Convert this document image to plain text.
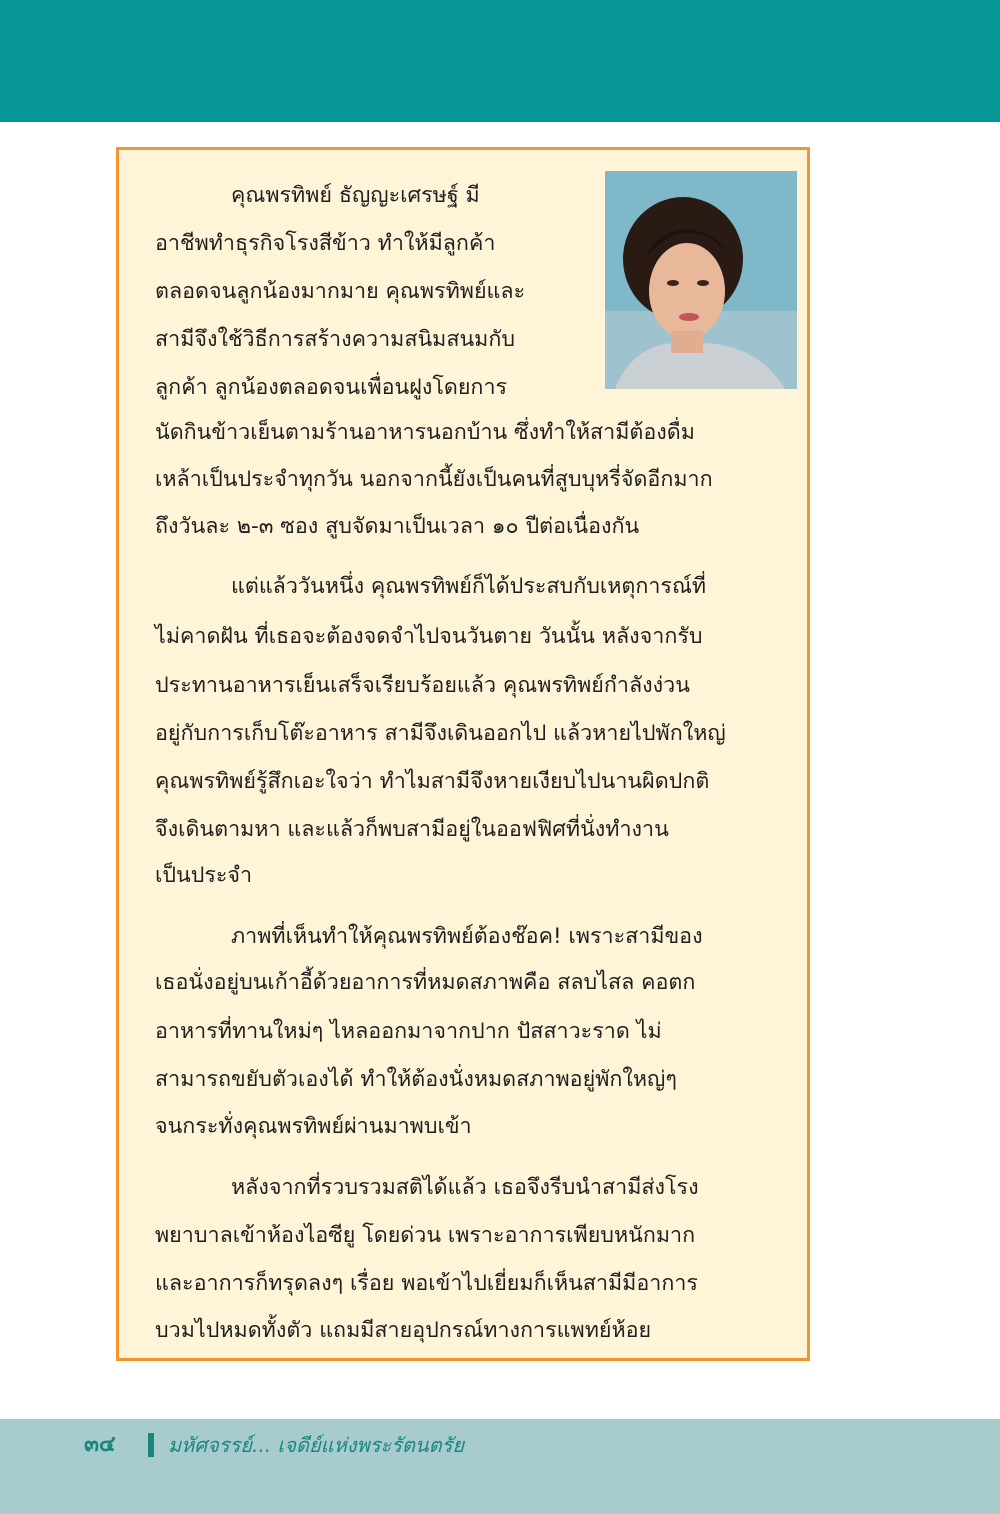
คุณพรทิพย์ ธัญญะเศรษฐ์ มี
อาชีพทำธุรกิจโรงสีข้าว ทำให้มีลูกค้า
ตลอดจนลูกน้องมากมาย คุณพรทิพย์และ
สามีจึงใช้วิธีการสร้างความสนิมสนมกับ
ลูกค้า ลูกน้องตลอดจนเพื่อนฝูงโดยการ
นัดกินข้าวเย็นตามร้านอาหารนอกบ้าน ซึ่งทำให้สามีต้องดื่ม
เหล้าเป็นประจำทุกวัน นอกจากนี้ยังเป็นคนที่สูบบุหรี่จัดอีกมาก
ถึงวันละ ๒-๓ ซอง สูบจัดมาเป็นเวลา ๑๐ ปีต่อเนื่องกัน
แต่แล้ววันหนึ่ง คุณพรทิพย์ก็ได้ประสบกับเหตุการณ์ที่
ไม่คาดฝัน ที่เธอจะต้องจดจำไปจนวันตาย วันนั้น หลังจากรับ
ประทานอาหารเย็นเสร็จเรียบร้อยแล้ว คุณพรทิพย์กำลังง่วน
อยู่กับการเก็บโต๊ะอาหาร สามีจึงเดินออกไป แล้วหายไปพักใหญ่
คุณพรทิพย์รู้สึกเอะใจว่า ทำไมสามีจึงหายเงียบไปนานผิดปกติ
จึงเดินตามหา และแล้วก็พบสามีอยู่ในออฟฟิศที่นั่งทำงาน
เป็นประจำ
ภาพที่เห็นทำให้คุณพรทิพย์ต้องช๊อค! เพราะสามีของ
เธอนั่งอยู่บนเก้าอี้ด้วยอาการที่หมดสภาพคือ สลบไสล คอตก
อาหารที่ทานใหม่ๆ ไหลออกมาจากปาก ปัสสาวะราด ไม่
สามารถขยับตัวเองได้ ทำให้ต้องนั่งหมดสภาพอยู่พักใหญ่ๆ
จนกระทั่งคุณพรทิพย์ผ่านมาพบเข้า
หลังจากที่รวบรวมสติได้แล้ว เธอจึงรีบนำสามีส่งโรง
พยาบาลเข้าห้องไอซียู โดยด่วน เพราะอาการเพียบหนักมาก
และอาการก็ทรุดลงๆ เรื่อย พอเข้าไปเยี่ยมก็เห็นสามีมีอาการ
บวมไปหมดทั้งตัว แถมมีสายอุปกรณ์ทางการแพทย์ห้อย
๓๔	มหัศจรรย์... เจดีย์แห่งพระรัตนตรัย
